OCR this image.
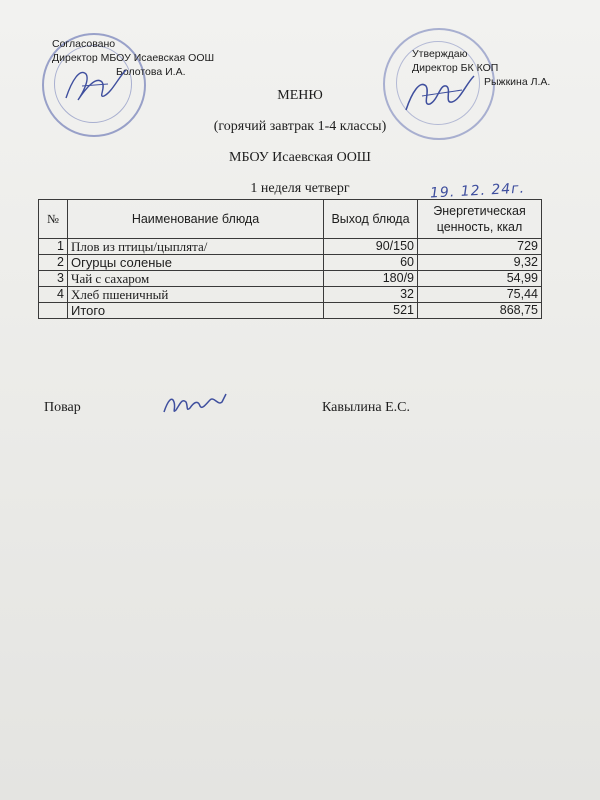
Согласовано
Директор МБОУ Исаевская ООШ
Болотова И.А.
Утверждаю
Директор БК КОП
Рыжкина Л.А.
МЕНЮ
(горячий завтрак 1-4 классы)
МБОУ Исаевская ООШ
1 неделя четверг	19. 12. 24г.
№	Наименование блюда	Выход блюда	Энергетическая ценность, ккал
1	Плов из птицы/цыплята/	90/150	729
2	Огурцы соленые	60	9,32
3	Чай с сахаром	180/9	54,99
4	Хлеб пшеничный	32	75,44
	Итого	521	868,75
Повар	Кавылина Е.С.
